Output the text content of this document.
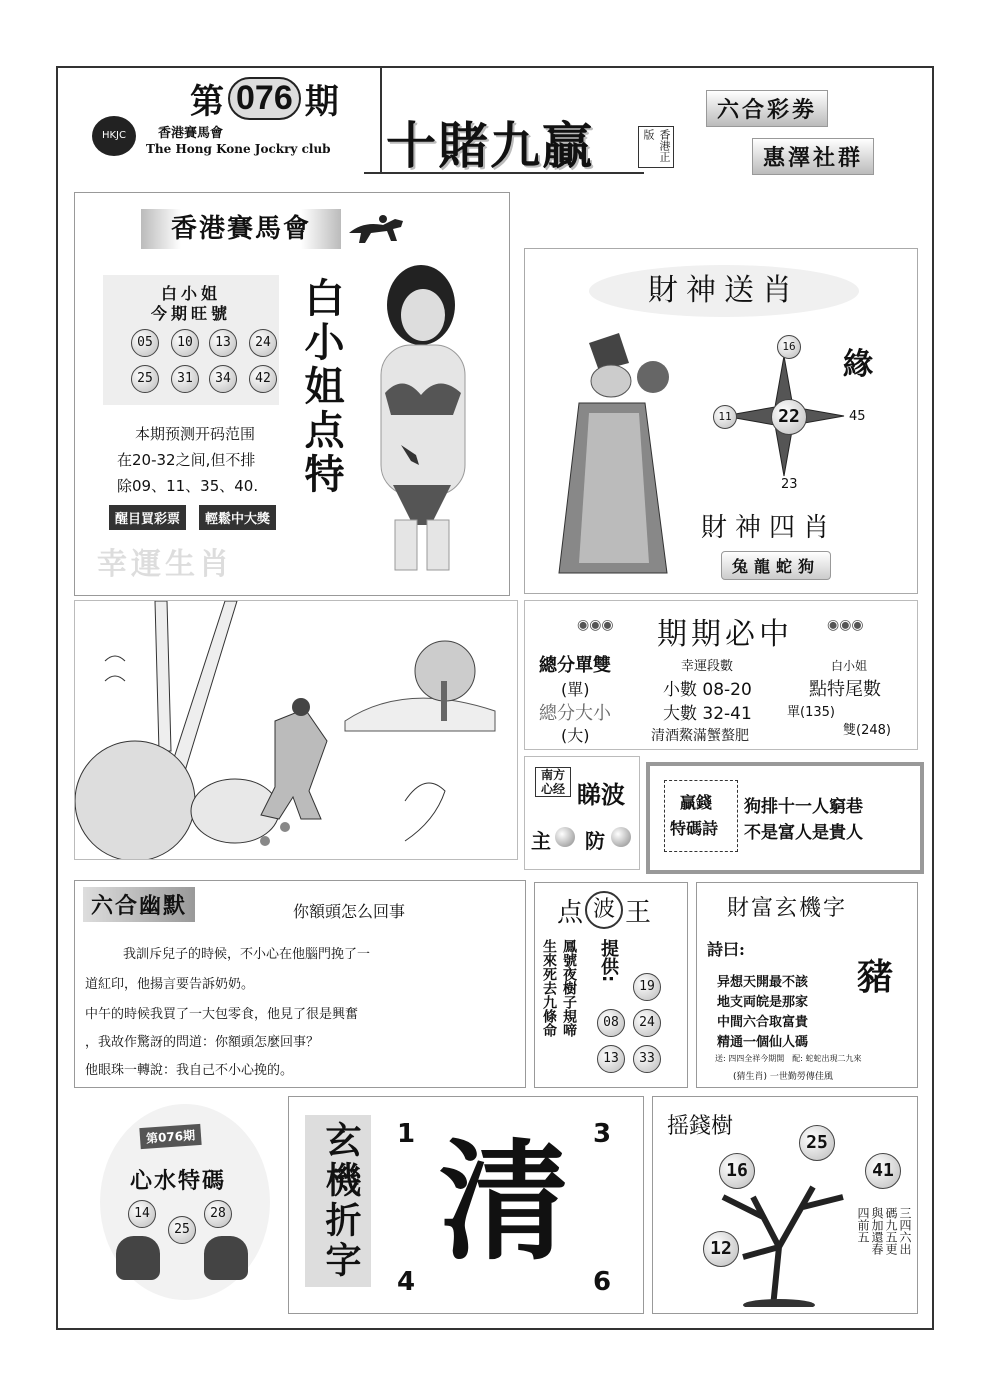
第 076 期
HKJC	香港賽馬會
The Hong Kone Jockry club 十賭九贏	香港正版
六合彩劵
惠澤社群
香港賽馬會
白小姐
今期旺號
05	10	13	24
25	31	34	42
本期预测开码范围
在20-32之间,但不排
除09、11、35、40.
醒目買彩票	輕鬆中大獎
幸運生肖
白小姐点特	財神送肖
22
16
11	45
23
緣
財神四肖
兔龍蛇狗
◉◉◉ 期期必中 ◉◉◉
總分單雙	幸運段數	白小姐
(單)	小數 08-20	點特尾數
總分大小	大數 32-41	單(135)
(大)	清酒鰲滿蟹螯肥	雙(248)
南方心经 睇波
主 防
贏錢
特碼詩
狗排十一人窮巷
不是富人是貴人
六合幽默	你額頭怎么回事
我訓斥兒子的時候，不小心在他腦門挽了一
道紅印，他揚言要告訴奶奶。
中午的時候我買了一大包零食，他見了很是興奮
，我故作驚訝的問道：你額頭怎麼回事？
他眼珠一轉說：我自己不小心挽的。
点 波 王
生來死去九條命 鳳號夜樹子規啼 提供:
19
08	24
13	33
財富玄機字
詩曰:
豬
异想天開最不該
地支両皖是那家
中間六合取富貴
精通一個仙人碼
送: 四四全祥今期開　配: 蛇蛇出現二九來
(猜生肖) 一世勤勞傳佳風
第076期
心水特碼
14
25
28	玄機折字 清
1	3
4	6
摇錢樹
25
16	41
12	三四六出
碼九五更
與加還春
四前五
